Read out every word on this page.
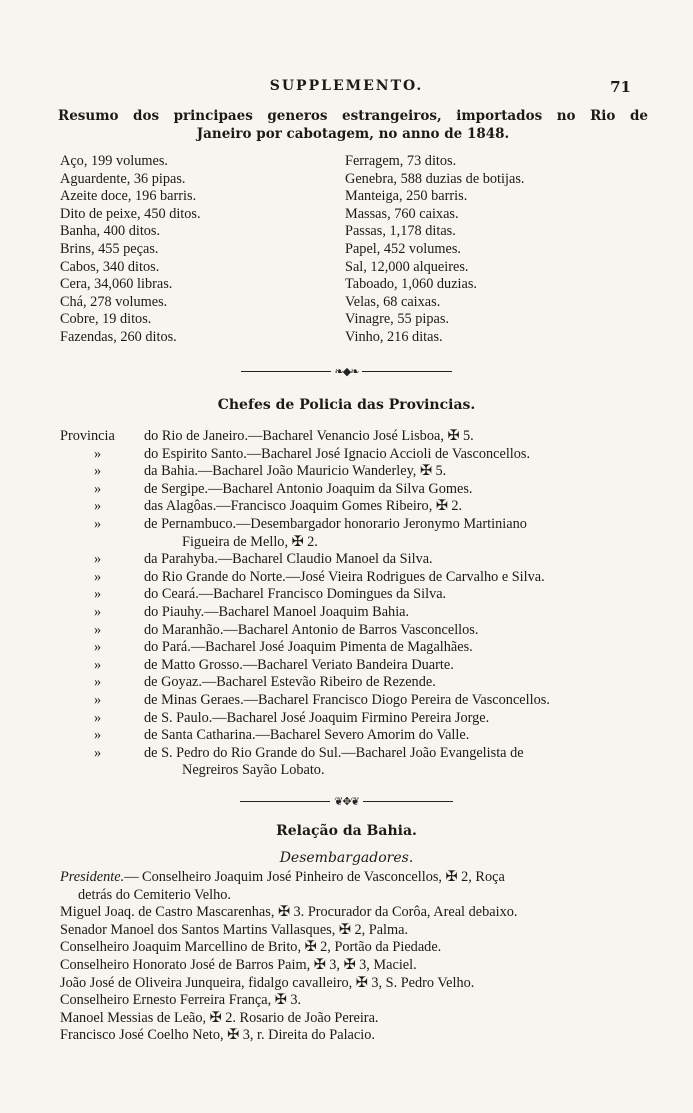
SUPPLEMENTO.	71
Resumo dos principaes generos estrangeiros, importados no Rio de
Janeiro por cabotagem, no anno de 1848.
Aço, 199 volumes.
Aguardente, 36 pipas.
Azeite doce, 196 barris.
Dito de peixe, 450 ditos.
Banha, 400 ditos.
Brins, 455 peças.
Cabos, 340 ditos.
Cera, 34,060 libras.
Chá, 278 volumes.
Cobre, 19 ditos.
Fazendas, 260 ditos.
Ferragem, 73 ditos.
Genebra, 588 duzias de botijas.
Manteiga, 250 barris.
Massas, 760 caixas.
Passas, 1,178 ditas.
Papel, 452 volumes.
Sal, 12,000 alqueires.
Taboado, 1,060 duzias.
Velas, 68 caixas.
Vinagre, 55 pipas.
Vinho, 216 ditas.
❧◆❧
Chefes de Policia das Provincias.
Provincia do Rio de Janeiro.—Bacharel Venancio José Lisboa, ✠ 5.
»	do Espirito Santo.—Bacharel José Ignacio Accioli de Vasconcellos.
»	da Bahia.—Bacharel João Mauricio Wanderley, ✠ 5.
»	de Sergipe.—Bacharel Antonio Joaquim da Silva Gomes.
»	das Alagôas.—Francisco Joaquim Gomes Ribeiro, ✠ 2.
»	de Pernambuco.—Desembargador honorario Jeronymo Martiniano
Figueira de Mello, ✠ 2.
»	da Parahyba.—Bacharel Claudio Manoel da Silva.
»	do Rio Grande do Norte.—José Vieira Rodrigues de Carvalho e Silva.
»	do Ceará.—Bacharel Francisco Domingues da Silva.
»	do Piauhy.—Bacharel Manoel Joaquim Bahia.
»	do Maranhão.—Bacharel Antonio de Barros Vasconcellos.
»	do Pará.—Bacharel José Joaquim Pimenta de Magalhães.
»	de Matto Grosso.—Bacharel Veriato Bandeira Duarte.
»	de Goyaz.—Bacharel Estevão Ribeiro de Rezende.
»	de Minas Geraes.—Bacharel Francisco Diogo Pereira de Vasconcellos.
»	de S. Paulo.—Bacharel José Joaquim Firmino Pereira Jorge.
»	de Santa Catharina.—Bacharel Severo Amorim do Valle.
»	de S. Pedro do Rio Grande do Sul.—Bacharel João Evangelista de
Negreiros Sayão Lobato.
❦✥❦
Relação da Bahia.
Desembargadores.
Presidente.— Conselheiro Joaquim José Pinheiro de Vasconcellos, ✠ 2, Roça
detrás do Cemiterio Velho.
Miguel Joaq. de Castro Mascarenhas, ✠ 3. Procurador da Corôa, Areal debaixo.
Senador Manoel dos Santos Martins Vallasques, ✠ 2, Palma.
Conselheiro Joaquim Marcellino de Brito, ✠ 2, Portão da Piedade.
Conselheiro Honorato José de Barros Paim, ✠ 3, ✠ 3, Maciel.
João José de Oliveira Junqueira, fidalgo cavalleiro, ✠ 3, S. Pedro Velho.
Conselheiro Ernesto Ferreira França, ✠ 3.
Manoel Messias de Leão, ✠ 2. Rosario de João Pereira.
Francisco José Coelho Neto, ✠ 3, r. Direita do Palacio.
